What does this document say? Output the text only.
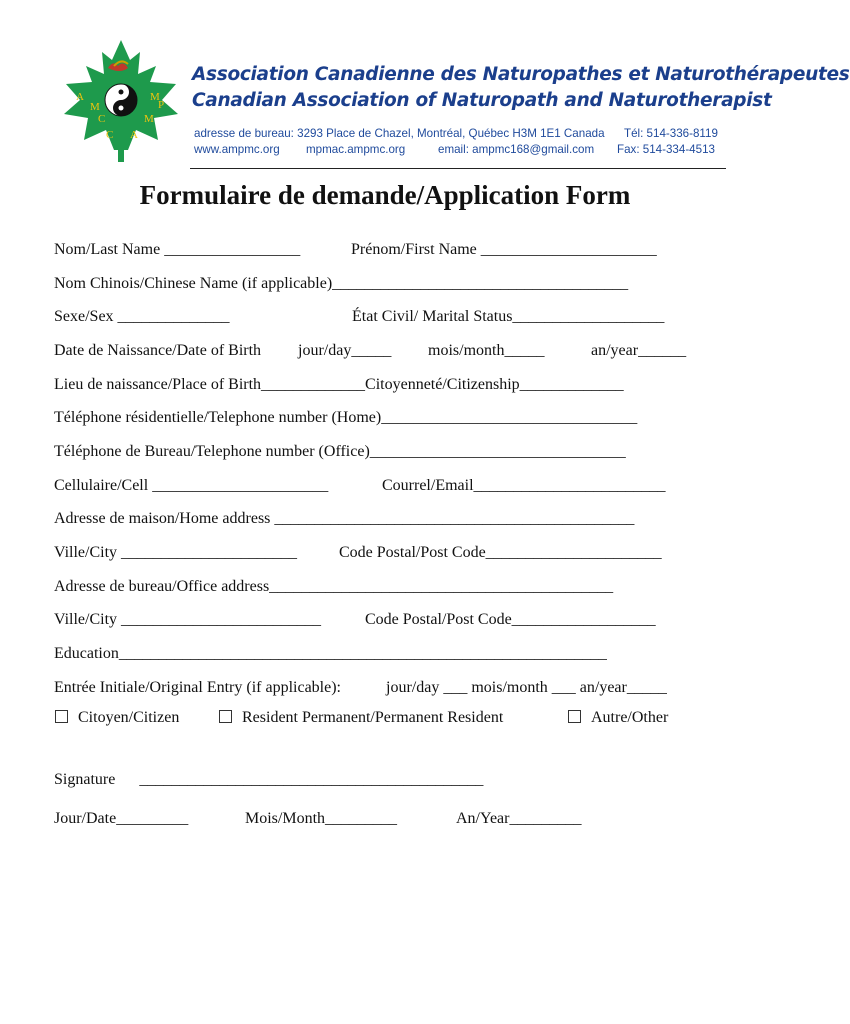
A
M	P
M
C	M
C A
Association Canadienne des Naturopathes et Naturothérapeutes
Canadian Association of Naturopath and Naturotherapist
adresse de bureau: 3293 Place de Chazel, Montréal, Québec H3M 1E1 Canada Tél: 514-336-8119
www.ampmc.org mpmac.ampmc.org	email: ampmc168@gmail.com Fax: 514-334-4513
Formulaire de demande/Application Form
Nom/Last Name _________________	Prénom/First Name ______________________
Nom Chinois/Chinese Name (if applicable)_____________________________________
Sexe/Sex ______________	État Civil/ Marital Status___________________
Date de Naissance/Date of Birth jour/day_____ mois/month_____	an/year______
Lieu de naissance/Place of Birth_____________Citoyenneté/Citizenship_____________
Téléphone résidentielle/Telephone number (Home)________________________________
Téléphone de Bureau/Telephone number (Office)________________________________
Cellulaire/Cell ______________________	Courrel/Email________________________
Adresse de maison/Home address _____________________________________________
Ville/City ______________________	Code Postal/Post Code______________________
Adresse de bureau/Office address___________________________________________
Ville/City _________________________	Code Postal/Post Code__________________
Education_____________________________________________________________
Entrée Initiale/Original Entry (if applicable):	jour/day ___ mois/month ___ an/year_____
Citoyen/Citizen	Resident Permanent/Permanent Resident	Autre/Other
Signature      ___________________________________________
Jour/Date_________	Mois/Month_________	An/Year_________
